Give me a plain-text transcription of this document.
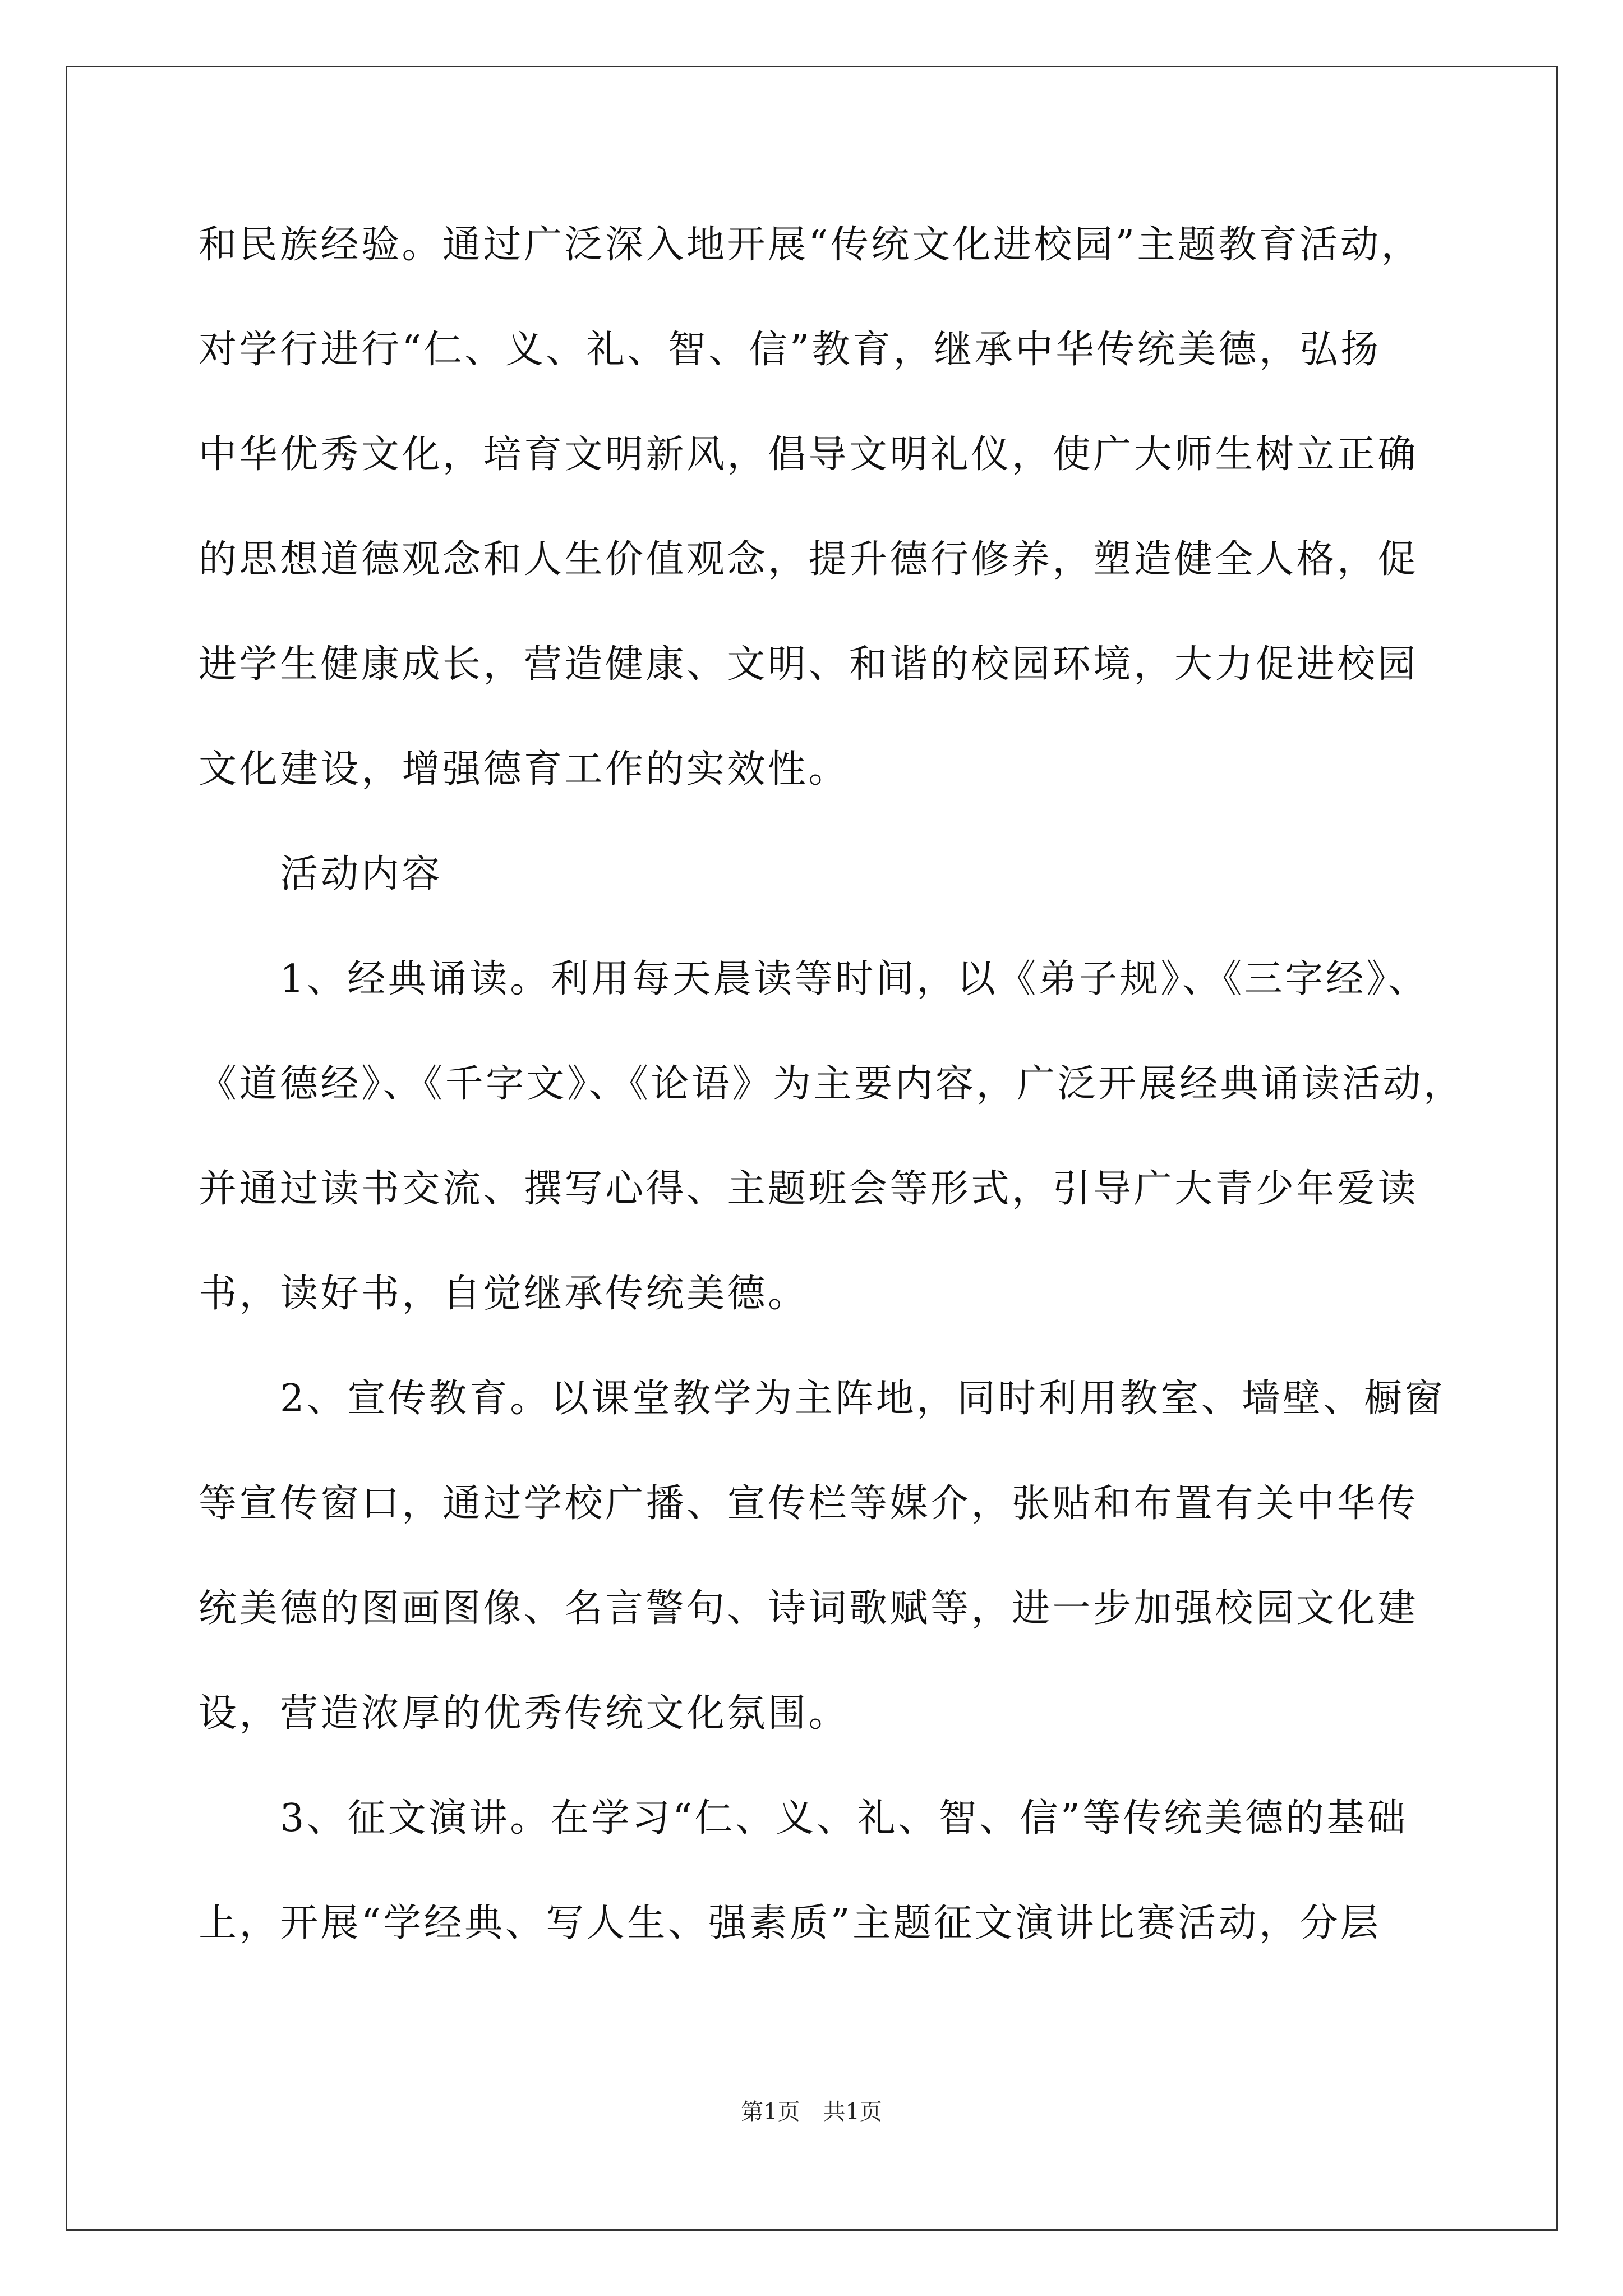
和民族经验。通过广泛深入地开展“传统文化进校园”主题教育活动，
对学行进行“仁、义、礼、智、信”教育，继承中华传统美德，弘扬
中华优秀文化，培育文明新风，倡导文明礼仪，使广大师生树立正确
的思想道德观念和人生价值观念，提升德行修养，塑造健全人格，促
进学生健康成长，营造健康、文明、和谐的校园环境，大力促进校园
文化建设，增强德育工作的实效性。
　　活动内容
　　1、经典诵读。利用每天晨读等时间，以《弟子规》、《三字经》、
《道德经》、《千字文》、《论语》为主要内容，广泛开展经典诵读活动，
并通过读书交流、撰写心得、主题班会等形式，引导广大青少年爱读
书，读好书，自觉继承传统美德。
　　2、宣传教育。以课堂教学为主阵地，同时利用教室、墙壁、橱窗
等宣传窗口，通过学校广播、宣传栏等媒介，张贴和布置有关中华传
统美德的图画图像、名言警句、诗词歌赋等，进一步加强校园文化建
设，营造浓厚的优秀传统文化氛围。
　　3、征文演讲。在学习“仁、义、礼、智、信”等传统美德的基础
上，开展“学经典、写人生、强素质”主题征文演讲比赛活动，分层
第1页 共1页
